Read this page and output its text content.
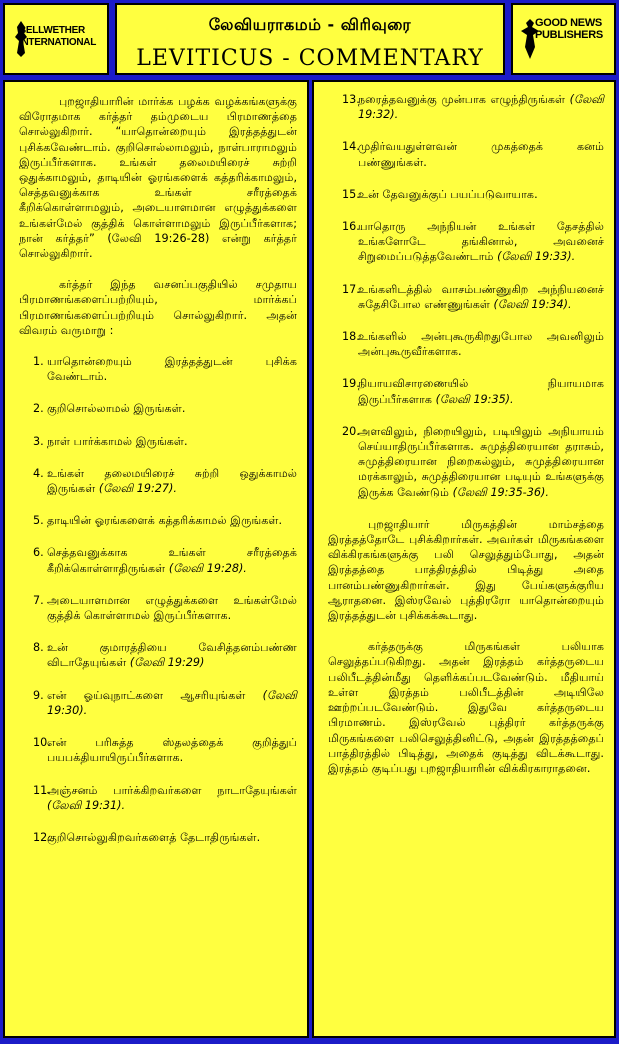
BELLWETHER
INTERNATIONAL
லேவியராகமம் - விரிவுரை
LEVITICUS - COMMENTARY
GOOD NEWS
PUBLISHERS

புறஜாதியாரின் மார்க்க பழக்க வழக்கங்களுக்கு விரோதமாக கர்த்தர் தம்முடைய பிரமாணத்தை சொல்லுகிறார். “யாதொன்றையும் இரத்தத்துடன் புசிக்கவேண்டாம். குறிசொல்லாமலும், நாள்பாராமலும் இருப்பீர்களாக. உங்கள் தலைமயிரைச் சுற்றி ஒதுக்காமலும், தாடியின் ஓரங்களைக் கத்தரிக்காமலும், செத்தவனுக்காக உங்கள் சரீரத்தைக் கீறிக்கொள்ளாமலும், அடையாளமான எழுத்துக்களை உங்கள்மேல் குத்திக் கொள்ளாமலும் இருப்பீர்களாக; நான் கர்த்தர்” (லேவி 19:26-28) என்று கர்த்தர் சொல்லுகிறார்.

கர்த்தர் இந்த வசனப்பகுதியில் சமுதாய பிரமாணங்களைப்பற்றியும், மார்க்கப் பிரமாணங்களைப்பற்றியும் சொல்லுகிறார். அதன் விவரம் வருமாறு :

1. யாதொன்றையும் இரத்தத்துடன் புசிக்க வேண்டாம்.
2. குறிசொல்லாமல் இருங்கள்.
3. நாள் பார்க்காமல் இருங்கள்.
4. உங்கள் தலைமயிரைச் சுற்றி ஒதுக்காமல் இருங்கள் (லேவி 19:27).
5. தாடியின் ஓரங்களைக் கத்தரிக்காமல் இருங்கள்.
6. செத்தவனுக்காக உங்கள் சரீரத்தைக் கீறிக்கொள்ளாதிருங்கள் (லேவி 19:28).
7. அடையாளமான எழுத்துக்களை உங்கள்மேல் குத்திக் கொள்ளாமல் இருப்பீர்களாக.
8. உன் குமாரத்தியை வேசித்தனம்பண்ண விடாதேயுங்கள் (லேவி 19:29)
9. என் ஓய்வுநாட்களை ஆசரியுங்கள் (லேவி 19:30).
10.
என் பரிசுத்த ஸ்தலத்தைக் குறித்துப் பயபக்தியாயிருப்பீர்களாக.
11.
அஞ்சனம் பார்க்கிறவர்களை நாடாதேயுங்கள் (லேவி 19:31).
12.
குறிசொல்லுகிறவர்களைத் தேடாதிருங்கள்.
13.
நரைத்தவனுக்கு முன்பாக எழுந்திருங்கள் (லேவி 19:32).
14.
முதிர்வயதுள்ளவன் முகத்தைக் கனம் பண்ணுங்கள்.
15.
உன் தேவனுக்குப் பயப்படுவாயாக.
16.
யாதொரு அந்நியன் உங்கள் தேசத்தில் உங்களோடே தங்கினால், அவனைச் சிறுமைப்படுத்தவேண்டாம் (லேவி 19:33).
17.
உங்களிடத்தில் வாசம்பண்ணுகிற அந்நியனைச் சுதேசிபோல எண்ணுங்கள் (லேவி 19:34).
18.
உங்களில் அன்புகூருகிறதுபோல அவனிலும் அன்புகூருவீர்களாக.
19.
நியாயவிசாரணையில் நியாயமாக இருப்பீர்களாக (லேவி 19:35).
20.
அளவிலும், நிறையிலும், படியிலும் அநியாயம் செய்யாதிருப்பீர்களாக. சுமுத்திரையான தராசும், சுமுத்திரையான நிறைகல்லும், சுமுத்திரையான மரக்காலும், சுமுத்திரையான படியும் உங்களுக்கு இருக்க வேண்டும் (லேவி 19:35-36).

புறஜாதியார் மிருகத்தின் மாம்சத்தை இரத்தத்தோடே புசிக்கிறார்கள். அவர்கள் மிருகங்களை விக்கிரகங்களுக்கு பலி செலுத்தும்போது, அதன் இரத்தத்தை பாத்திரத்தில் பிடித்து அதை பானம்பண்ணுகிறார்கள். இது பேய்களுக்குரிய ஆராதனை. இஸ்ரவேல் புத்திரரோ யாதொன்றையும் இரத்தத்துடன் புசிக்கக்கூடாது.

கர்த்தருக்கு மிருகங்கள் பலியாக செலுத்தப்படுகிறது. அதன் இரத்தம் கர்த்தருடைய பலிபீடத்தின்மீது தெளிக்கப்படவேண்டும். மீதியாய் உள்ள இரத்தம் பலிபீடத்தின் அடியிலே ஊற்றப்படவேண்டும். இதுவே கர்த்தருடைய பிரமாணம். இஸ்ரவேல் புத்திரர் கர்த்தருக்கு மிருகங்களை பலிசெலுத்தினிட்டு, அதன் இரத்தத்தைப் பாத்திரத்தில் பிடித்து, அதைக் குடித்து விடக்கூடாது. இரத்தம் குடிப்பது புறஜாதியாரின் விக்கிரகாராதனை.
